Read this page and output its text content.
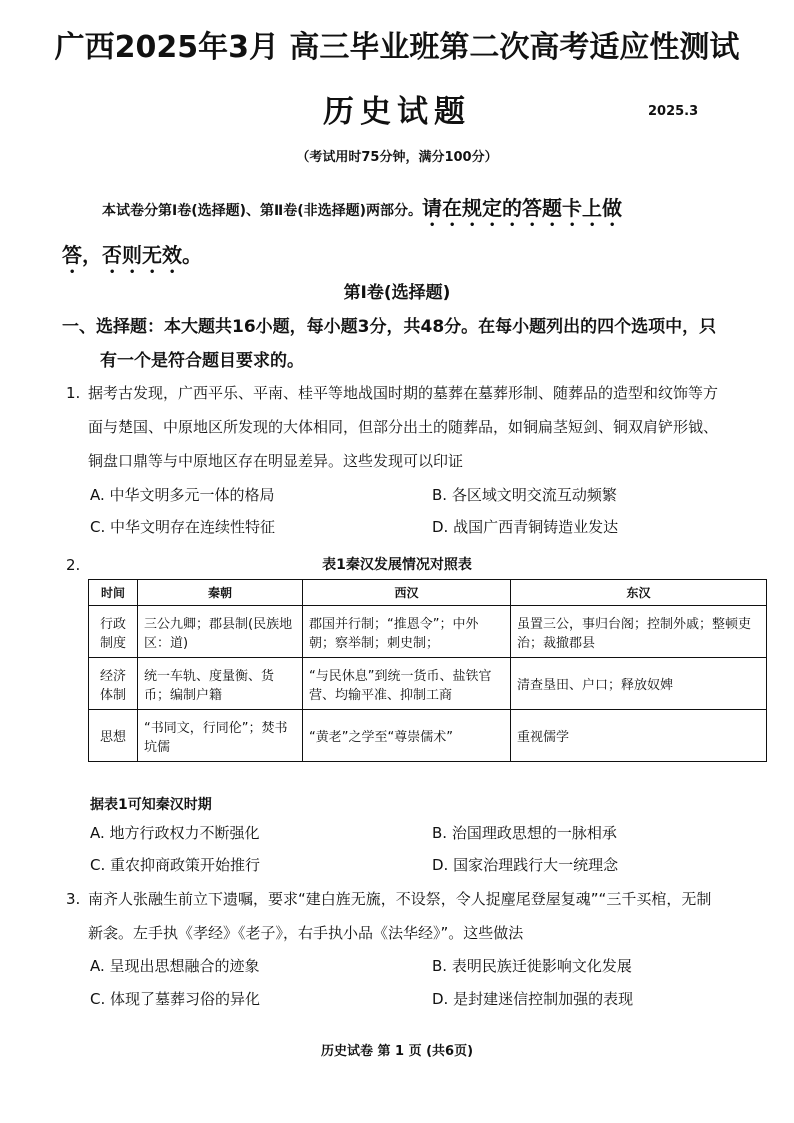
广西2025年3月 高三毕业班第二次高考适应性测试
历史试题	2025.3
（考试用时75分钟，满分100分）
本试卷分第Ⅰ卷(选择题)、第Ⅱ卷(非选择题)两部分。请在规定的答题卡上做
答，否则无效。
第Ⅰ卷(选择题)
一、选择题：本大题共16小题，每小题3分，共48分。在每小题列出的四个选项中，只
有一个是符合题目要求的。
1. 据考古发现，广西平乐、平南、桂平等地战国时期的墓葬在墓葬形制、随葬品的造型和纹饰等方
面与楚国、中原地区所发现的大体相同，但部分出土的随葬品，如铜扁茎短剑、铜双肩铲形钺、
铜盘口鼎等与中原地区存在明显差异。这些发现可以印证
A. 中华文明多元一体的格局	B. 各区域文明交流互动频繁
C. 中华文明存在连续性特征	D. 战国广西青铜铸造业发达
2.	表1秦汉发展情况对照表
时间	秦朝	西汉	东汉
行政制度	三公九卿；郡县制(民族地区：道)	郡国并行制；“推恩令”；中外朝；察举制；刺史制；	虽置三公，事归台阁；控制外戚；整顿吏治；裁撤郡县
经济体制	统一车轨、度量衡、货币；编制户籍	“与民休息”到统一货币、盐铁官营、均输平准、抑制工商	清查垦田、户口；释放奴婢
思想	“书同文，行同伦”；焚书坑儒	“黄老”之学至“尊崇儒术”	重视儒学
据表1可知秦汉时期
A. 地方行政权力不断强化	B. 治国理政思想的一脉相承
C. 重农抑商政策开始推行	D. 国家治理践行大一统理念
3. 南齐人张融生前立下遗嘱，要求“建白旌无旒，不设祭，令人捉麈尾登屋复魂”“三千买棺，无制
新衾。左手执《孝经》《老子》，右手执小品《法华经》”。这些做法
A. 呈现出思想融合的迹象	B. 表明民族迁徙影响文化发展
C. 体现了墓葬习俗的异化	D. 是封建迷信控制加强的表现
历史试卷 第 1 页 (共6页)
